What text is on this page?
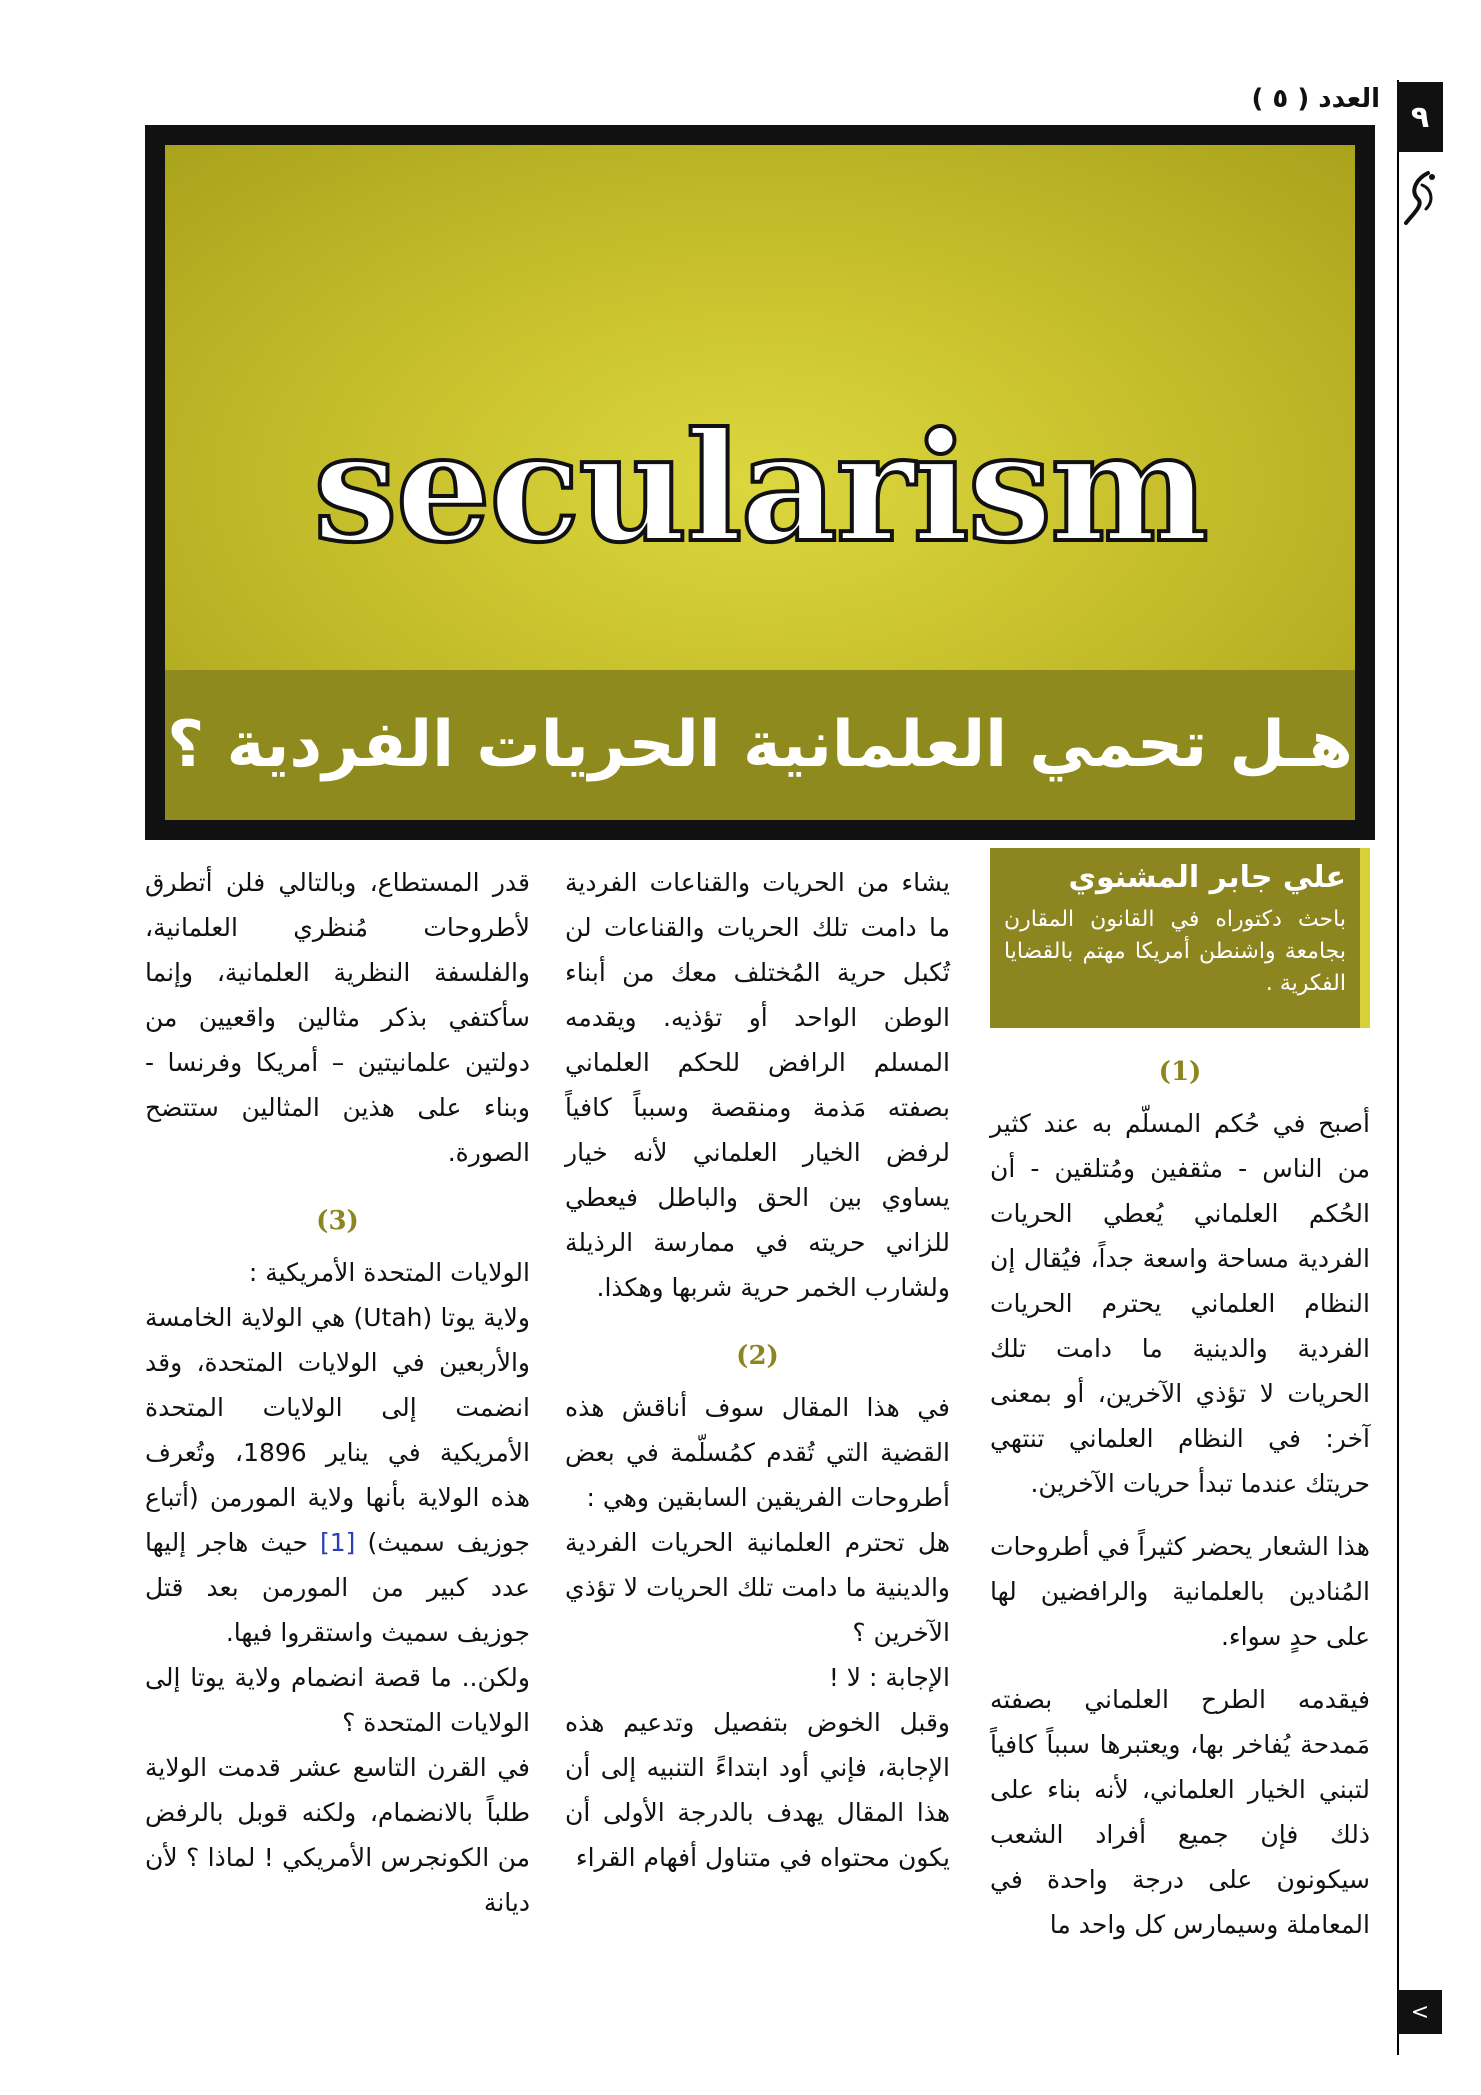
٩
<
العدد ( ٥ )
secularism
هـل تحمي العلمانية الحريات الفردية ؟
علي جابر المشنوي
باحث دكتوراه في القانون المقارن بجامعة واشنطن أمريكا مهتم بالقضايا الفكرية .
(1)

أصبح في حُكم المسلّم به عند كثير من الناس - مثقفين ومُتلقين - أن الحُكم العلماني يُعطي الحريات الفردية مساحة واسعة جداً، فيُقال إن النظام العلماني يحترم الحريات الفردية والدينية ما دامت تلك الحريات لا تؤذي الآخرين، أو بمعنى آخر: في النظام العلماني تنتهي حريتك عندما تبدأ حريات الآخرين.

هذا الشعار يحضر كثيراً في أطروحات المُنادين بالعلمانية والرافضين لها على حدٍ سواء.

فيقدمه الطرح العلماني بصفته مَمدحة يُفاخر بها، ويعتبرها سبباً كافياً لتبني الخيار العلماني، لأنه بناء على ذلك فإن جميع أفراد الشعب سيكونون على درجة واحدة في المعاملة وسيمارس كل واحد ما

يشاء من الحريات والقناعات الفردية ما دامت تلك الحريات والقناعات لن تُكبل حرية المُختلف معك من أبناء الوطن الواحد أو تؤذيه. ويقدمه المسلم الرافض للحكم العلماني بصفته مَذمة ومنقصة وسبباً كافياً لرفض الخيار العلماني لأنه خيار يساوي بين الحق والباطل فيعطي للزاني حريته في ممارسة الرذيلة ولشارب الخمر حرية شربها وهكذا.

(2)

في هذا المقال سوف أناقش هذه القضية التي تُقدم كمُسلّمة في بعض أطروحات الفريقين السابقين وهي :

هل تحترم العلمانية الحريات الفردية والدينية ما دامت تلك الحريات لا تؤذي الآخرين ؟

الإجابة : لا !

وقبل الخوض بتفصيل وتدعيم هذه الإجابة، فإني أود ابتداءً التنبيه إلى أن هذا المقال يهدف بالدرجة الأولى أن يكون محتواه في متناول أفهام القراء

قدر المستطاع، وبالتالي فلن أتطرق لأطروحات مُنظري العلمانية، والفلسفة النظرية العلمانية، وإنما سأكتفي بذكر مثالين واقعيين من دولتين علمانيتين – أمريكا وفرنسا - وبناء على هذين المثالين ستتضح الصورة.

(3)

الولايات المتحدة الأمريكية :

ولاية يوتا (Utah) هي الولاية الخامسة والأربعين في الولايات المتحدة، وقد انضمت إلى الولايات المتحدة الأمريكية في يناير 1896، وتُعرف هذه الولاية بأنها ولاية المورمن (أتباع جوزيف سميث) [1] حيث هاجر إليها عدد كبير من المورمن بعد قتل جوزيف سميث واستقروا فيها.

ولكن.. ما قصة انضمام ولاية يوتا إلى الولايات المتحدة ؟

في القرن التاسع عشر قدمت الولاية طلباً بالانضمام، ولكنه قوبل بالرفض من الكونجرس الأمريكي ! لماذا ؟ لأن ديانة
